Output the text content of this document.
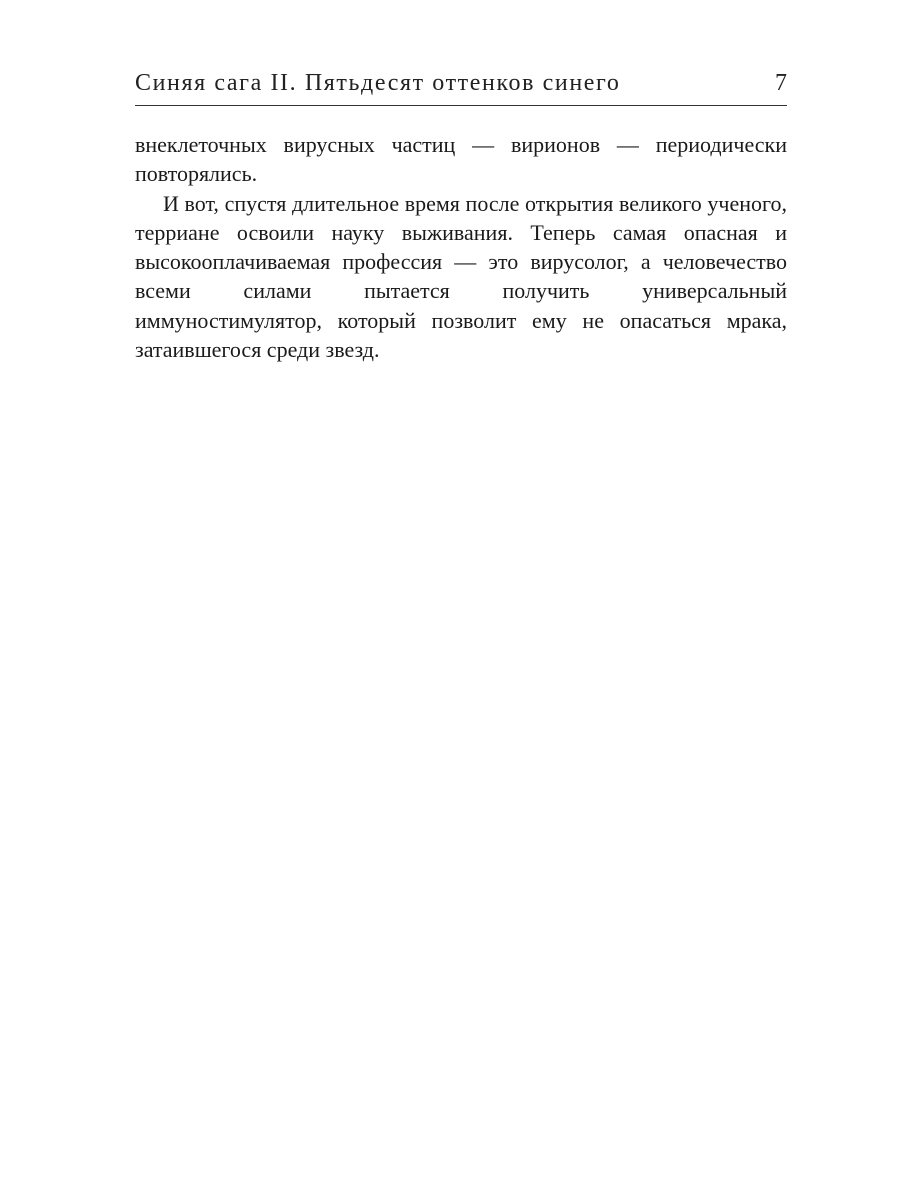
Синяя сага II. Пятьдесят оттенков синего	7

внеклеточных вирусных частиц — вирионов — периодически повторялись.

И вот, спустя длительное время после открытия великого ученого, терриане освоили науку выживания. Теперь самая опасная и высокооплачиваемая профессия — это вирусолог, а человечество всеми силами пытается получить универсальный иммуностимулятор, который позволит ему не опасаться мрака, затаившегося среди звезд.
